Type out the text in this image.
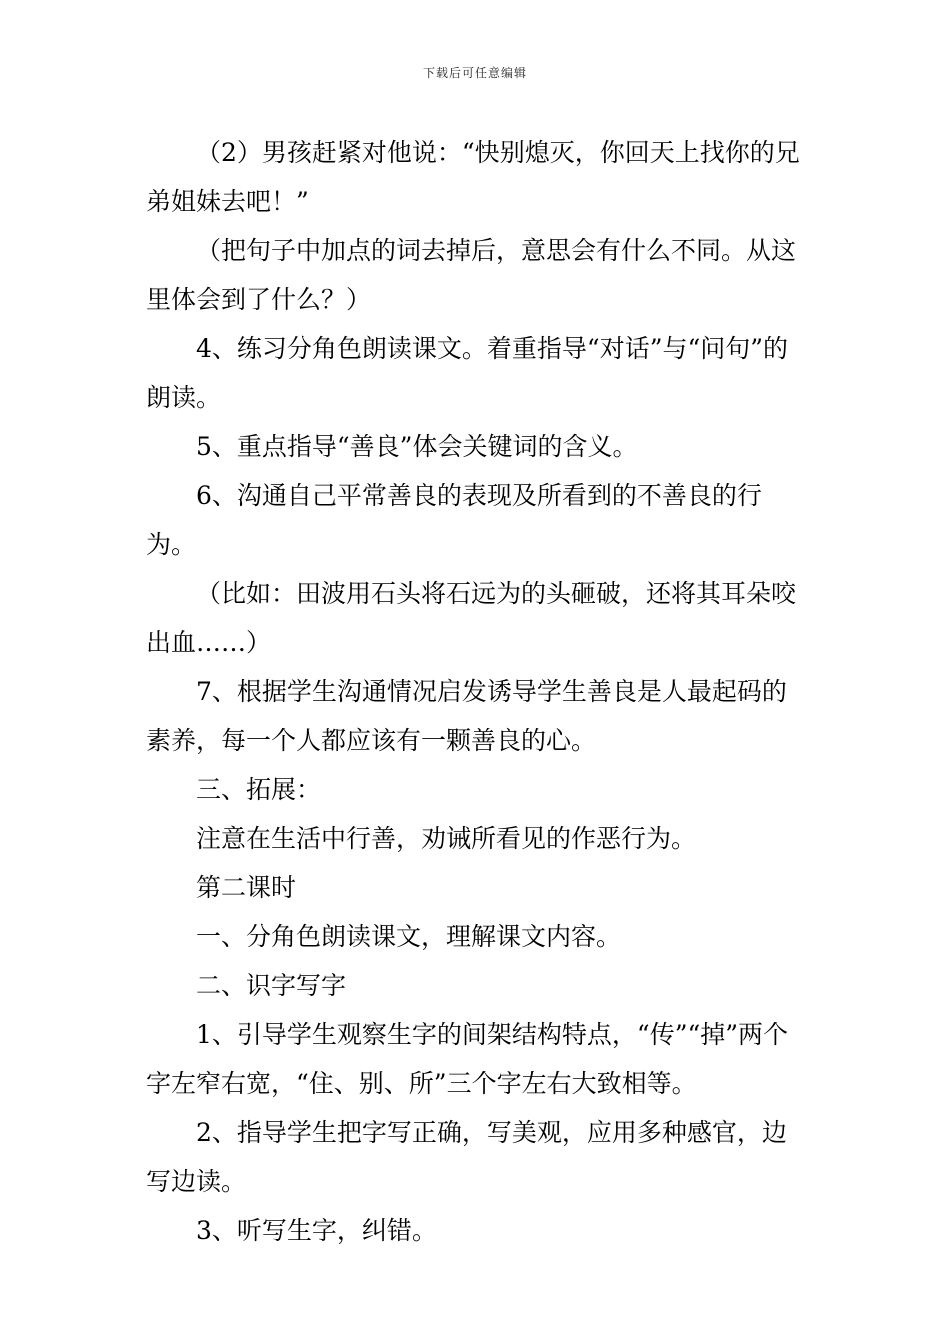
下载后可任意编辑

（2）男孩赶紧对他说：“快别熄灭，你回天上找你的兄弟姐妹去吧！”

（把句子中加点的词去掉后，意思会有什么不同。从这里体会到了什么？）

4、练习分角色朗读课文。着重指导“对话”与“问句”的朗读。

5、重点指导“善良”体会关键词的含义。

6、沟通自己平常善良的表现及所看到的不善良的行为。

（比如：田波用石头将石远为的头砸破，还将其耳朵咬出血……）

7、根据学生沟通情况启发诱导学生善良是人最起码的素养，每一个人都应该有一颗善良的心。

三、拓展：

注意在生活中行善，劝诫所看见的作恶行为。

第二课时

一、分角色朗读课文，理解课文内容。

二、识字写字

1、引导学生观察生字的间架结构特点，“传”“掉”两个字左窄右宽，“住、别、所”三个字左右大致相等。

2、指导学生把字写正确，写美观，应用多种感官，边写边读。

3、听写生字，纠错。
